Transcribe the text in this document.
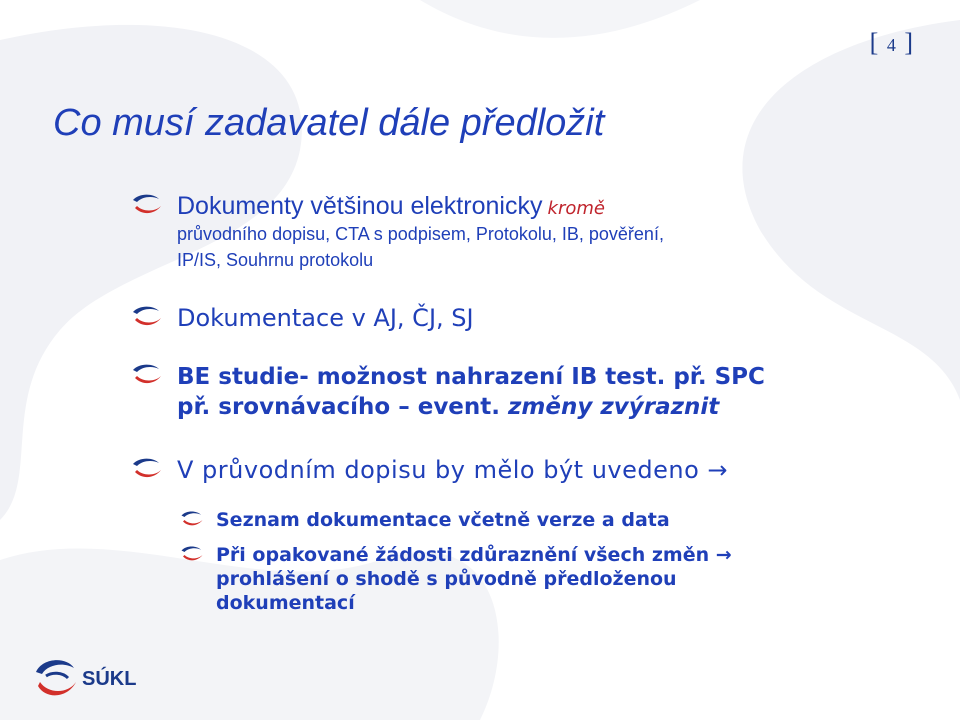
[ 4 ]
Co musí zadavatel dále předložit
Dokumenty většinou elektronicky kromě
průvodního dopisu, CTA s podpisem, Protokolu, IB, pověření,
IP/IS, Souhrnu protokolu
Dokumentace v AJ, ČJ, SJ
BE studie- možnost nahrazení IB test. př. SPC
př. srovnávacího – event. změny zvýraznit
V průvodním dopisu by mělo být uvedeno →
Seznam dokumentace včetně verze a data
Při opakované žádosti zdůraznění všech změn →
prohlášení o shodě s původně předloženou
dokumentací
SÚKL
